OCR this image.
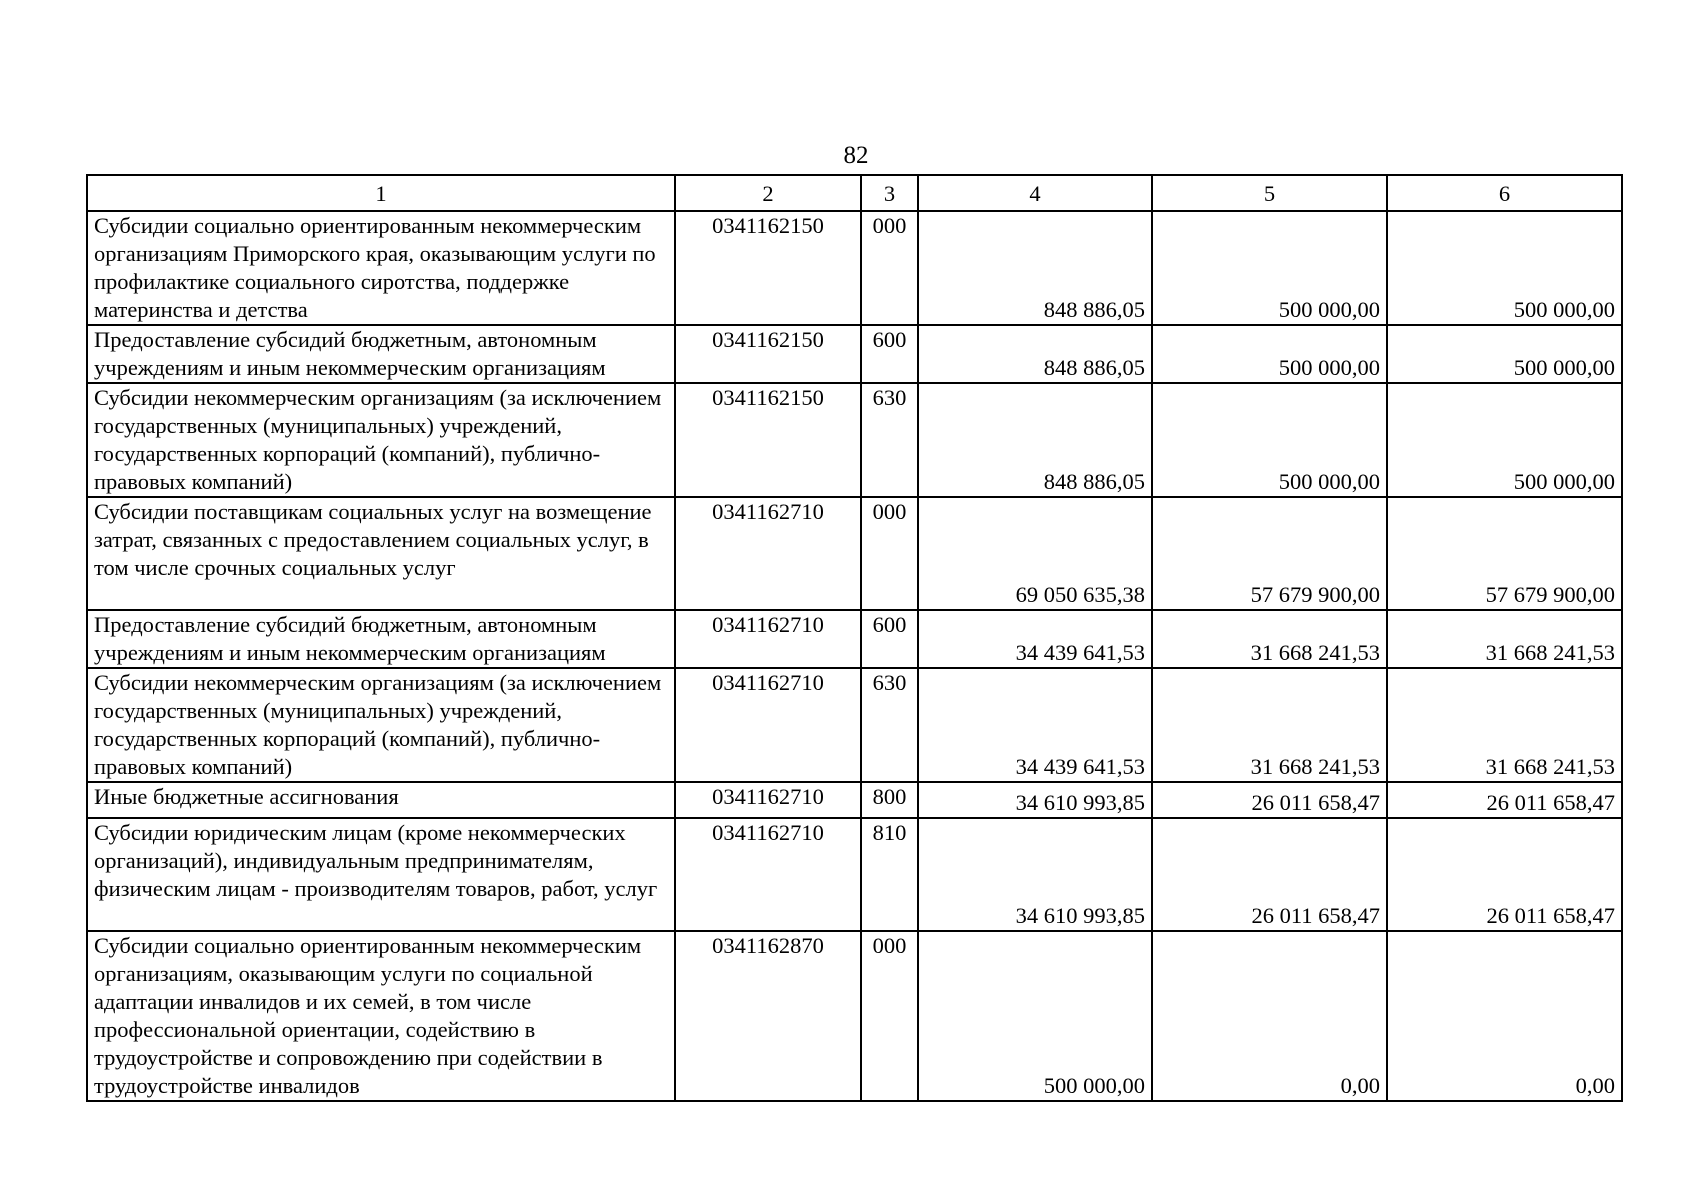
82
1	2	3	4	5	6
Субсидии социально ориентированным некоммерческим организациям Приморского края, оказывающим услуги по профилактике социального сиротства, поддержке материнства и детства	0341162150	000	848 886,05	500 000,00	500 000,00
Предоставление субсидий бюджетным, автономным учреждениям и иным некоммерческим организациям	0341162150	600	848 886,05	500 000,00	500 000,00
Субсидии некоммерческим организациям (за исключением государственных (муниципальных) учреждений, государственных корпораций (компаний), публично-правовых компаний)	0341162150	630	848 886,05	500 000,00	500 000,00
Субсидии поставщикам социальных услуг на возмещение затрат, связанных с предоставлением социальных услуг, в том числе срочных социальных услуг	0341162710	000	69 050 635,38	57 679 900,00	57 679 900,00
Предоставление субсидий бюджетным, автономным учреждениям и иным некоммерческим организациям	0341162710	600	34 439 641,53	31 668 241,53	31 668 241,53
Субсидии некоммерческим организациям (за исключением государственных (муниципальных) учреждений, государственных корпораций (компаний), публично-правовых компаний)	0341162710	630	34 439 641,53	31 668 241,53	31 668 241,53
Иные бюджетные ассигнования	0341162710	800	34 610 993,85	26 011 658,47	26 011 658,47
Субсидии юридическим лицам (кроме некоммерческих организаций), индивидуальным предпринимателям, физическим лицам - производителям товаров, работ, услуг	0341162710	810	34 610 993,85	26 011 658,47	26 011 658,47
Субсидии социально ориентированным некоммерческим организациям, оказывающим услуги по социальной адаптации инвалидов и их семей, в том числе профессиональной ориентации, содействию в трудоустройстве и сопровождению при содействии в трудоустройстве инвалидов	0341162870	000	500 000,00	0,00	0,00
